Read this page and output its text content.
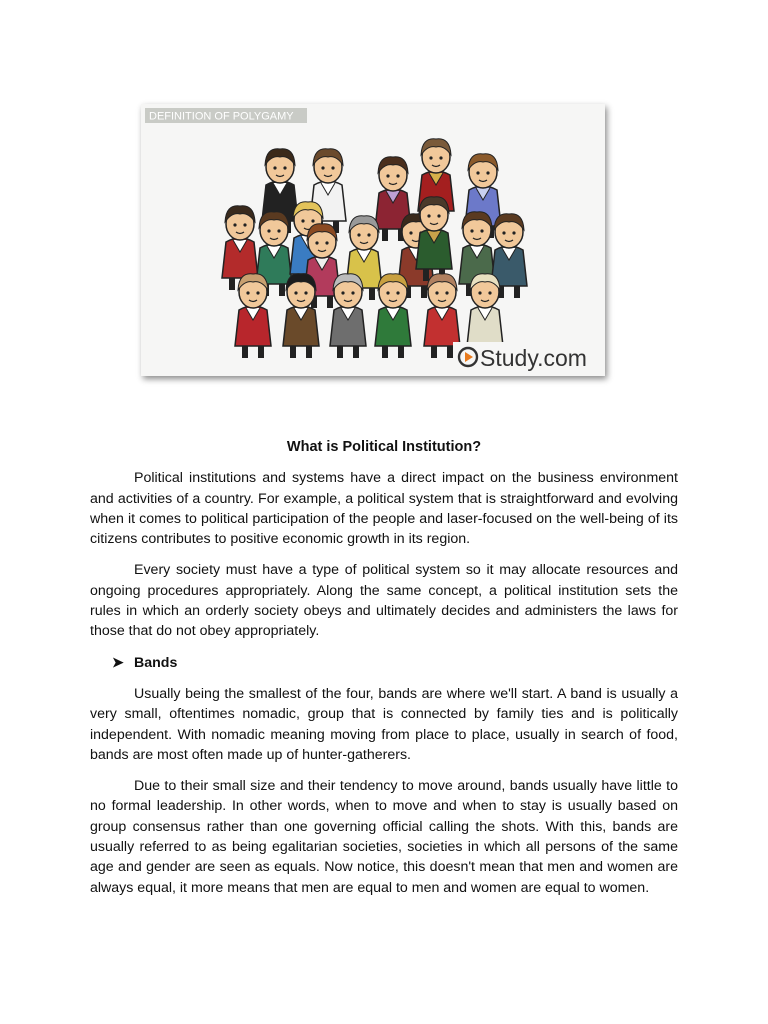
DEFINITION OF POLYGAMY
Study.com
What is Political Institution?

Political institutions and systems have a direct impact on the business environment and activities of a country. For example, a political system that is straightforward and evolving when it comes to political participation of the people and laser-focused on the well-being of its citizens contributes to positive economic growth in its region.

Every society must have a type of political system so it may allocate resources and ongoing procedures appropriately. Along the same concept, a political institution sets the rules in which an orderly society obeys and ultimately decides and administers the laws for those that do not obey appropriately.

➤ Bands

Usually being the smallest of the four, bands are where we'll start. A band is usually a very small, oftentimes nomadic, group that is connected by family ties and is politically independent. With nomadic meaning moving from place to place, usually in search of food, bands are most often made up of hunter-gatherers.

Due to their small size and their tendency to move around, bands usually have little to no formal leadership. In other words, when to move and when to stay is usually based on group consensus rather than one governing official calling the shots. With this, bands are usually referred to as being egalitarian societies, societies in which all persons of the same age and gender are seen as equals. Now notice, this doesn't mean that men and women are always equal, it more means that men are equal to men and women are equal to women.
